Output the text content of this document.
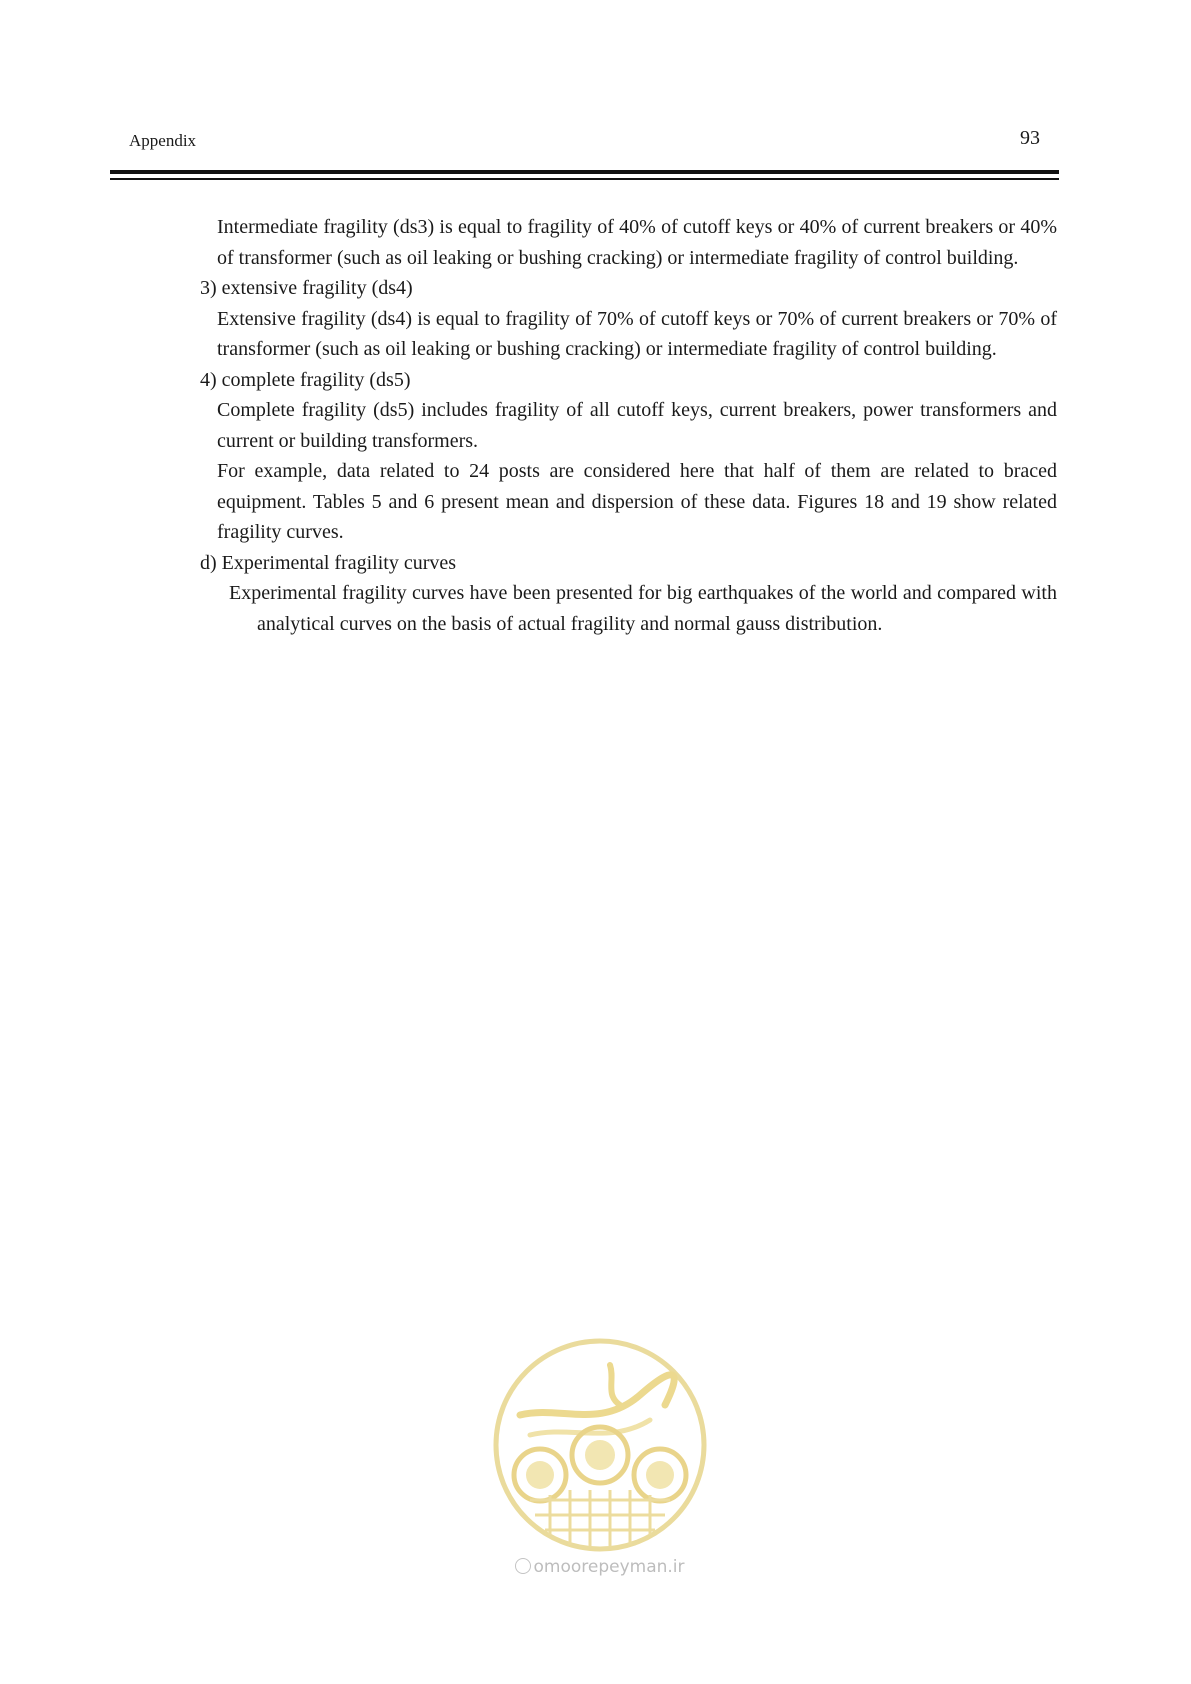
Appendix	93

Intermediate fragility (ds3) is equal to fragility of 40% of cutoff keys or 40% of current breakers or 40% of transformer (such as oil leaking or bushing cracking) or intermediate fragility of control building.

3) extensive fragility (ds4)

Extensive fragility (ds4) is equal to fragility of 70% of cutoff keys or 70% of current breakers or 70% of transformer (such as oil leaking or bushing cracking) or intermediate fragility of control building.

4) complete fragility (ds5)

Complete fragility (ds5) includes fragility of all cutoff keys, current breakers, power transformers and current or building transformers.

For example, data related to 24 posts are considered here that half of them are related to braced equipment. Tables 5 and 6 present mean and dispersion of these data. Figures 18 and 19 show related fragility curves.

d) Experimental fragility curves

Experimental fragility curves have been presented for big earthquakes of the world and compared with analytical curves on the basis of actual fragility and normal gauss distribution.

omoorepeyman.ir
